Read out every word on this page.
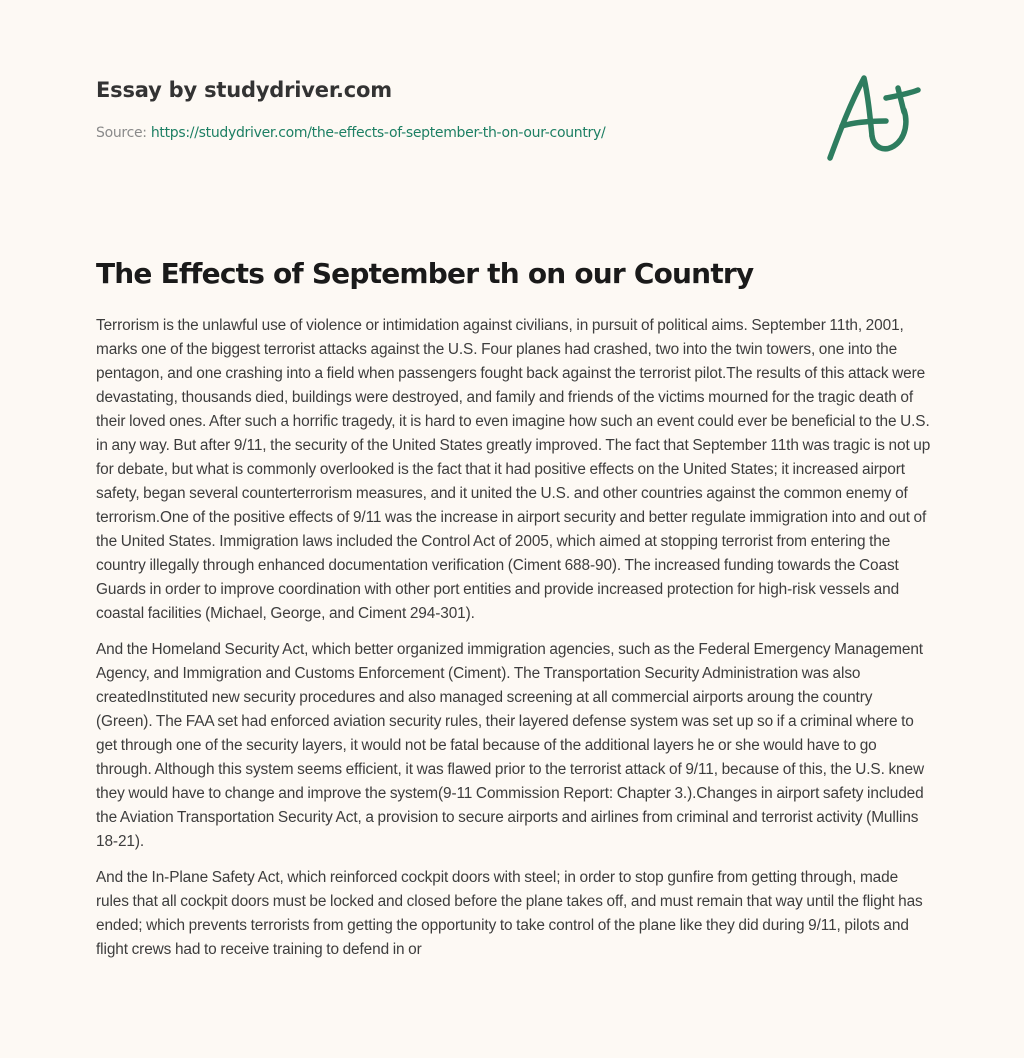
Essay by studydriver.com
Source: https://studydriver.com/the-effects-of-september-th-on-our-country/
The Effects of September th on our Country

Terrorism is the unlawful use of violence or intimidation against civilians, in pursuit of political aims. September 11th, 2001, marks one of the biggest terrorist attacks against the U.S. Four planes had crashed, two into the twin towers, one into the pentagon, and one crashing into a field when passengers fought back against the terrorist pilot.The results of this attack were devastating, thousands died, buildings were destroyed, and family and friends of the victims mourned for the tragic death of their loved ones. After such a horrific tragedy, it is hard to even imagine how such an event could ever be beneficial to the U.S. in any way. But after 9/11, the security of the United States greatly improved. The fact that September 11th was tragic is not up for debate, but what is commonly overlooked is the fact that it had positive effects on the United States; it increased airport safety, began several counterterrorism measures, and it united the U.S. and other countries against the common enemy of terrorism.One of the positive effects of 9/11 was the increase in airport security and better regulate immigration into and out of the United States. Immigration laws included the Control Act of 2005, which aimed at stopping terrorist from entering the country illegally through enhanced documentation verification (Ciment 688-90). The increased funding towards the Coast Guards in order to improve coordination with other port entities and provide increased protection for high-risk vessels and coastal facilities (Michael, George, and Ciment 294-301).

And the Homeland Security Act, which better organized immigration agencies, such as the Federal Emergency Management Agency, and Immigration and Customs Enforcement (Ciment). The Transportation Security Administration was also createdInstituted new security procedures and also managed screening at all commercial airports aroung the country (Green). The FAA set had enforced aviation security rules, their layered defense system was set up so if a criminal where to get through one of the security layers, it would not be fatal because of the additional layers he or she would have to go through. Although this system seems efficient, it was flawed prior to the terrorist attack of 9/11, because of this, the U.S. knew they would have to change and improve the system(9-11 Commission Report: Chapter 3.).Changes in airport safety included the Aviation Transportation Security Act, a provision to secure airports and airlines from criminal and terrorist activity (Mullins 18-21).

And the In-Plane Safety Act, which reinforced cockpit doors with steel; in order to stop gunfire from getting through, made rules that all cockpit doors must be locked and closed before the plane takes off, and must remain that way until the flight has ended; which prevents terrorists from getting the opportunity to take control of the plane like they did during 9/11, pilots and flight crews had to receive training to defend in or
